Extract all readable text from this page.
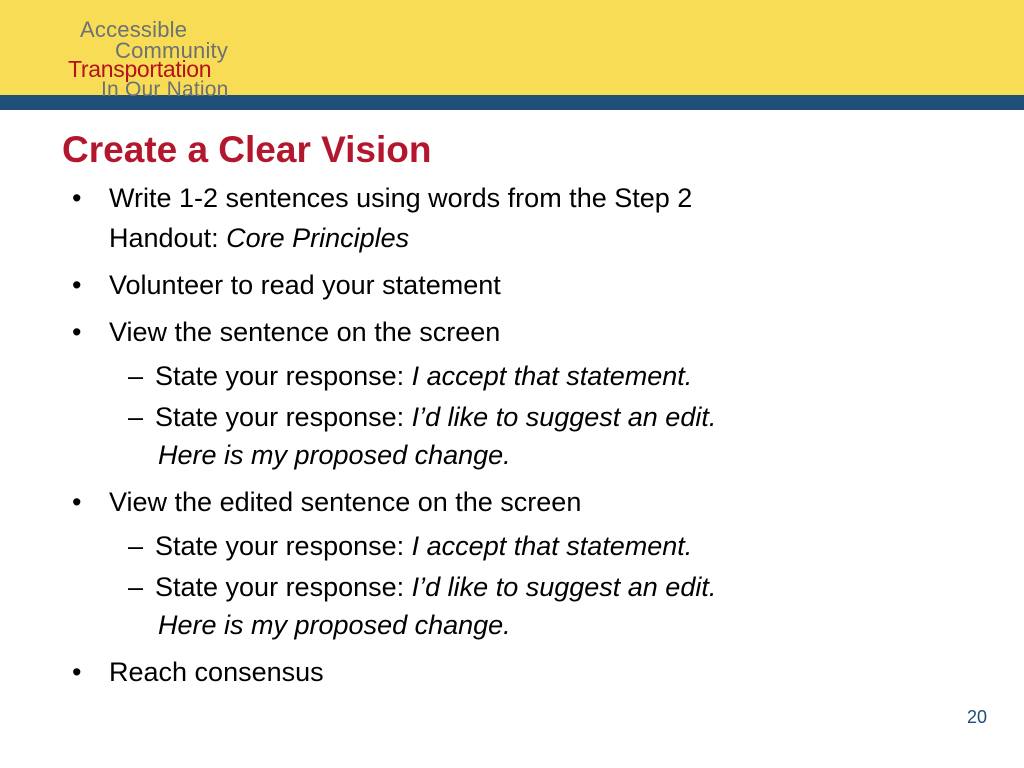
Accessible
Community
Transportation
In Our Nation
Create a Clear Vision
• Write 1-2 sentences using words from the Step 2
Handout: Core Principles
• Volunteer to read your statement
• View the sentence on the screen
– State your response: I accept that statement.
– State your response: I’d like to suggest an edit.
Here is my proposed change.
• View the edited sentence on the screen
– State your response: I accept that statement.
– State your response: I’d like to suggest an edit.
Here is my proposed change.
• Reach consensus
20
